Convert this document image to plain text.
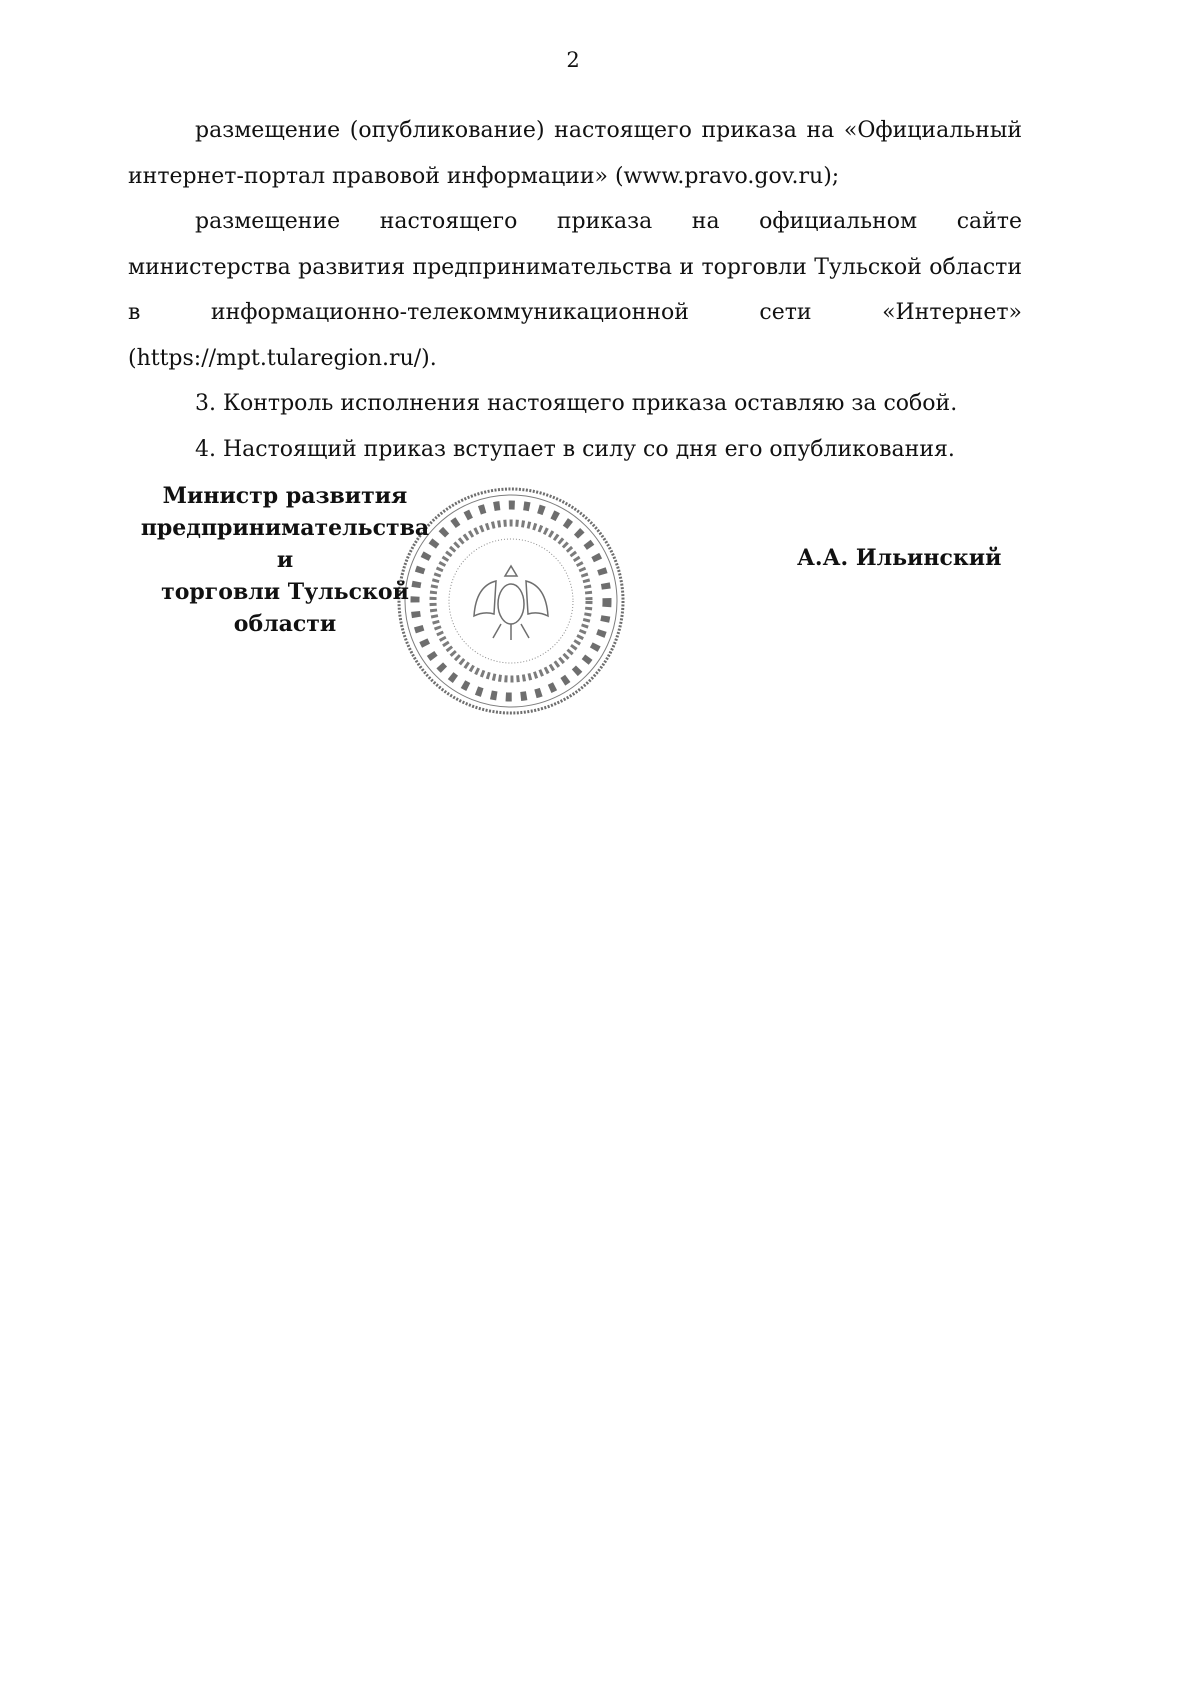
2

размещение (опубликование) настоящего приказа на «Официальный интернет-портал правовой информации» (www.pravo.gov.ru);

размещение настоящего приказа на официальном сайте министерства развития предпринимательства и торговли Тульской области в информационно-телекоммуникационной сети «Интернет» (https://mpt.tularegion.ru/).

3. Контроль исполнения настоящего приказа оставляю за собой.

4. Настоящий приказ вступает в силу со дня его опубликования.

Министр развития
предпринимательства и
торговли Тульской области
А.А. Ильинский
